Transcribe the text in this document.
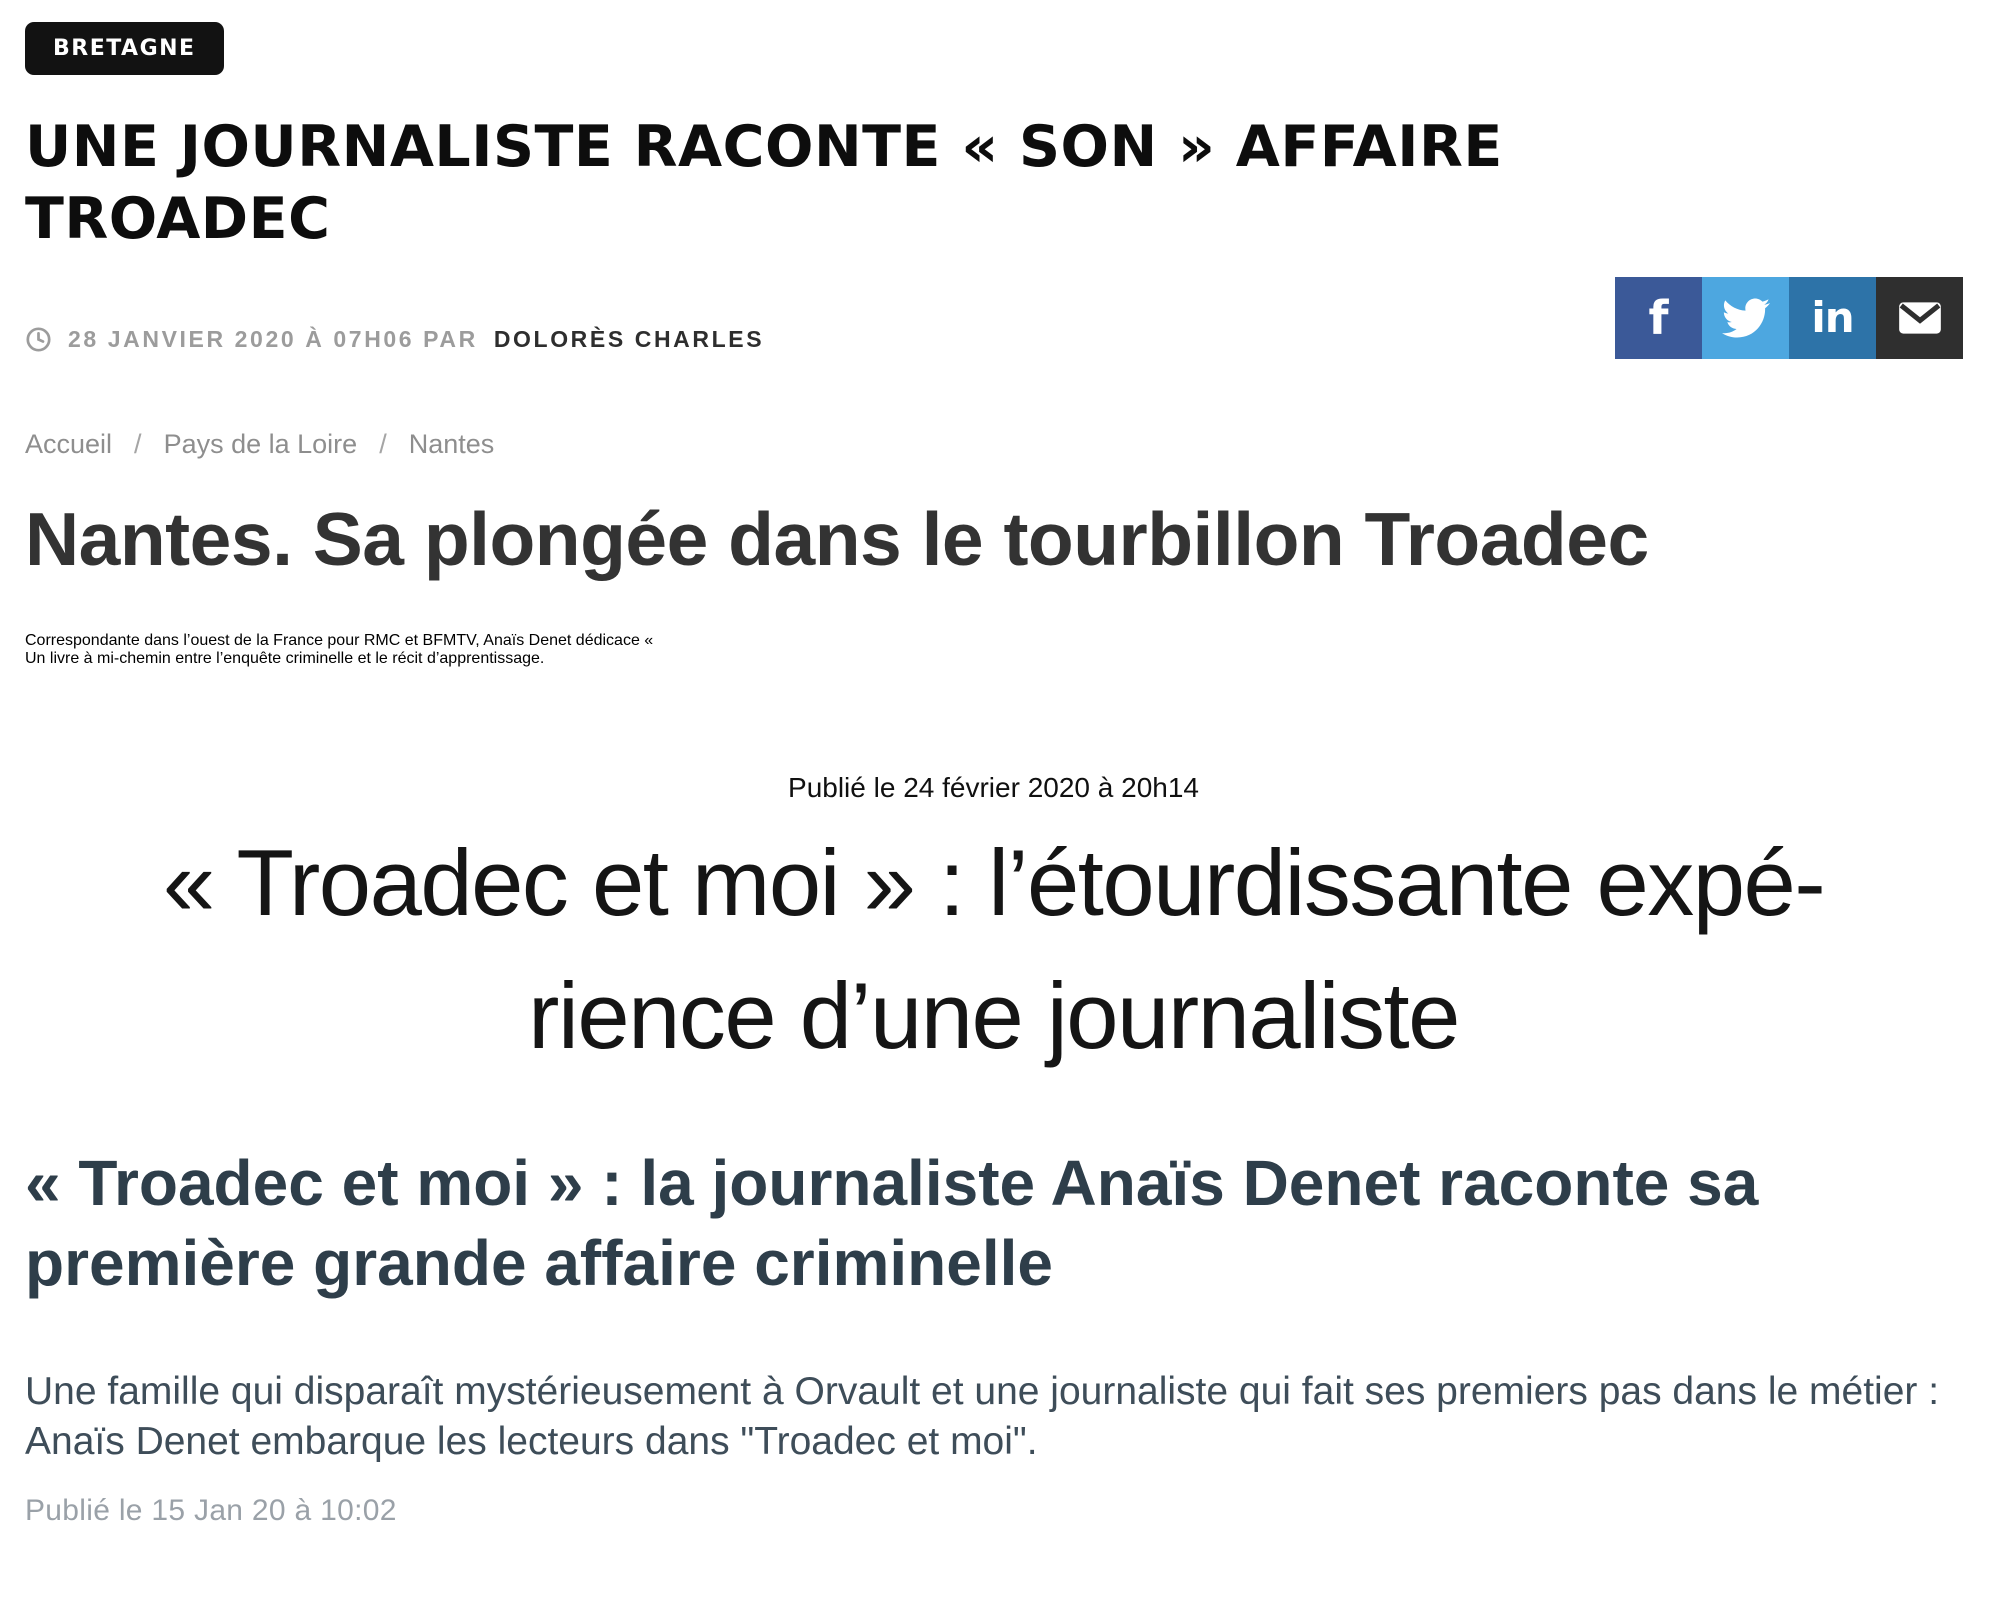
BRETAGNE
UNE JOURNALISTE RACONTE « SON » AFFAIRE
TROADEC
28 JANVIER 2020 À 07H06 PAR DOLORÈS CHARLES	f	in
Accueil / Pays de la Loire / Nantes
Nantes. Sa plongée dans le tourbillon Troadec

Correspondante dans l’ouest de la France pour RMC et BFMTV, Anaïs Denet dédicace «
Un livre à mi-chemin entre l’enquête criminelle et le récit d’apprentissage.

Publié le 24 février 2020 à 20h14
« Troadec et moi » : l’étourdissante expé-
rience d’une journaliste
« Troadec et moi » : la journaliste Anaïs Denet raconte sa
première grande affaire criminelle
Une famille qui disparaît mystérieusement à Orvault et une journaliste qui fait ses premiers pas dans le métier :
Anaïs Denet embarque les lecteurs dans "Troadec et moi".
Publié le 15 Jan 20 à 10:02
